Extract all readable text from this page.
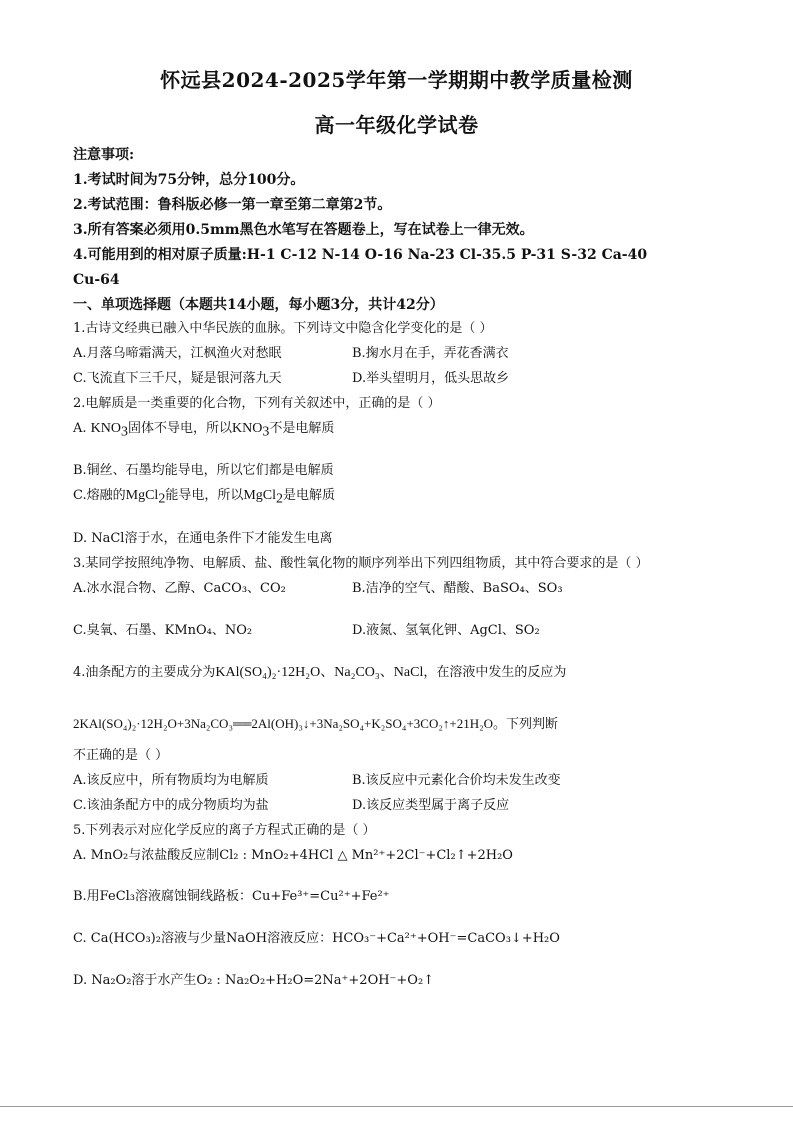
怀远县2024-2025学年第一学期期中教学质量检测
高一年级化学试卷
注意事项:
1.考试时间为75分钟，总分100分。
2.考试范围：鲁科版必修一第一章至第二章第2节。
3.所有答案必须用0.5mm黑色水笔写在答题卷上，写在试卷上一律无效。
4.可能用到的相对原子质量:H-1 C-12 N-14 O-16 Na-23 Cl-35.5 P-31 S-32 Ca-40
Cu-64
一、单项选择题（本题共14小题，每小题3分，共计42分）
1.古诗文经典已融入中华民族的血脉。下列诗文中隐含化学变化的是（ ）
A.月落乌啼霜满天，江枫渔火对愁眠	B.掬水月在手，弄花香满衣
C.飞流直下三千尺，疑是银河落九天	D.举头望明月，低头思故乡
2.电解质是一类重要的化合物，下列有关叙述中，正确的是（ ）
A. $KNO_3$固体不导电，所以$KNO_3$不是电解质
B.铜丝、石墨均能导电，所以它们都是电解质
C.熔融的MgCl$_2$能导电，所以MgCl$_2$是电解质
D. NaCl溶于水，在通电条件下才能发生电离
3.某同学按照纯净物、电解质、盐、酸性氧化物的顺序列举出下列四组物质，其中符合要求的是（ ）
A.冰水混合物、乙醇、CaCO₃、CO₂	B.洁净的空气、醋酸、BaSO₄、SO₃
C.臭氧、石墨、KMnO₄、NO₂	D.液氮、氢氧化钾、AgCl、SO₂
4.油条配方的主要成分为KAl(SO₄)₂·12H₂O、Na₂CO₃、NaCl，在溶液中发生的反应为
2KAl(SO₄)₂·12H₂O+3Na₂CO₃══2Al(OH)₃↓+3Na₂SO₄+K₂SO₄+3CO₂↑+21H₂O。下列判断
不正确的是（ ）
A.该反应中，所有物质均为电解质	B.该反应中元素化合价均未发生改变
C.该油条配方中的成分物质均为盐	D.该反应类型属于离子反应
5.下列表示对应化学反应的离子方程式正确的是（ ）
A. MnO₂与浓盐酸反应制Cl₂ : MnO₂+4HCl △ Mn²⁺+2Cl⁻+Cl₂↑+2H₂O
B.用FeCl₃溶液腐蚀铜线路板：Cu+Fe³⁺=Cu²⁺+Fe²⁺
C. Ca(HCO₃)₂溶液与少量NaOH溶液反应：HCO₃⁻+Ca²⁺+OH⁻=CaCO₃↓+H₂O
D. Na₂O₂溶于水产生O₂ : Na₂O₂+H₂O=2Na⁺+2OH⁻+O₂↑
